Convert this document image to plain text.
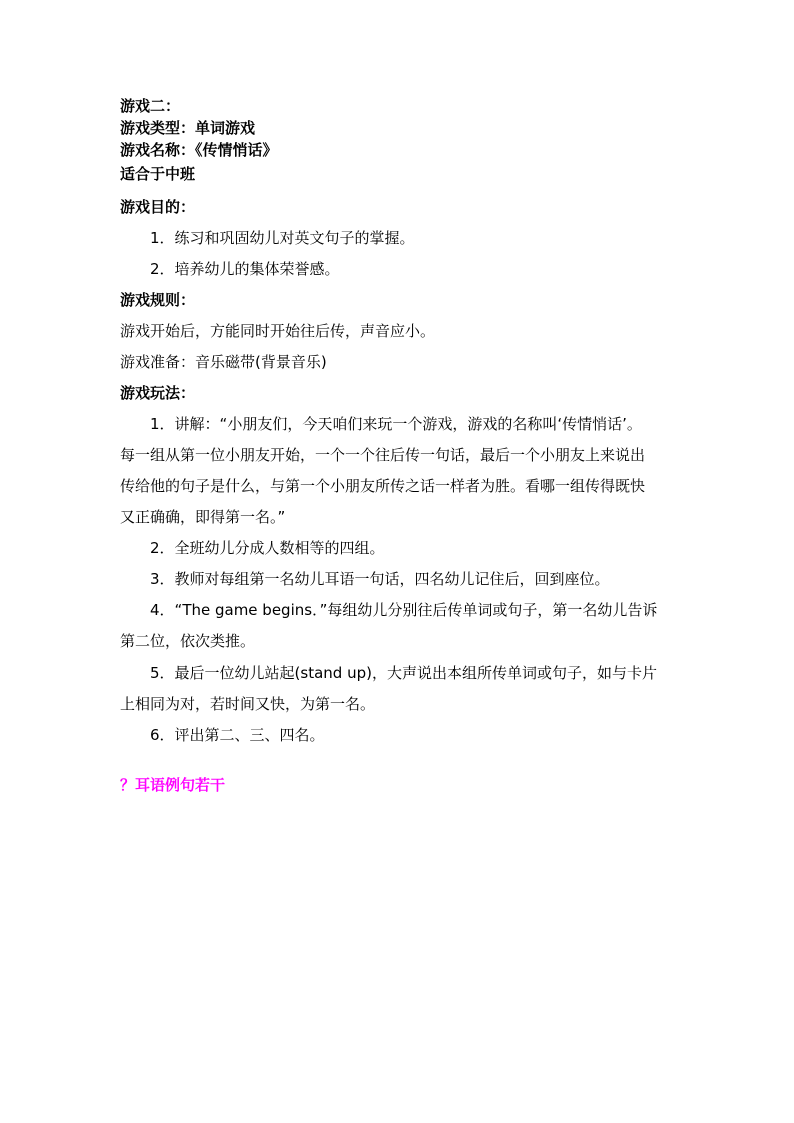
游戏二：
游戏类型：单词游戏
游戏名称：《传情悄话》
适合于中班
游戏目的：
1．练习和巩固幼儿对英文句子的掌握。
2．培养幼儿的集体荣誉感。
游戏规则：
游戏开始后，方能同时开始往后传，声音应小。
游戏准备：音乐磁带(背景音乐)
游戏玩法：
1．讲解：“小朋友们，今天咱们来玩一个游戏，游戏的名称叫‘传情悄话’。
每一组从第一位小朋友开始，一个一个往后传一句话，最后一个小朋友上来说出
传给他的句子是什么，与第一个小朋友所传之话一样者为胜。看哪一组传得既快
又正确确，即得第一名。”
2．全班幼儿分成人数相等的四组。
3．教师对每组第一名幼儿耳语一句话，四名幼儿记住后，回到座位。
4．“The game begins．”每组幼儿分别往后传单词或句子，第一名幼儿告诉
第二位，依次类推。
5．最后一位幼儿站起(stand up)，大声说出本组所传单词或句子，如与卡片
上相同为对，若时间又快，为第一名。
6．评出第二、三、四名。
？耳语例句若干
